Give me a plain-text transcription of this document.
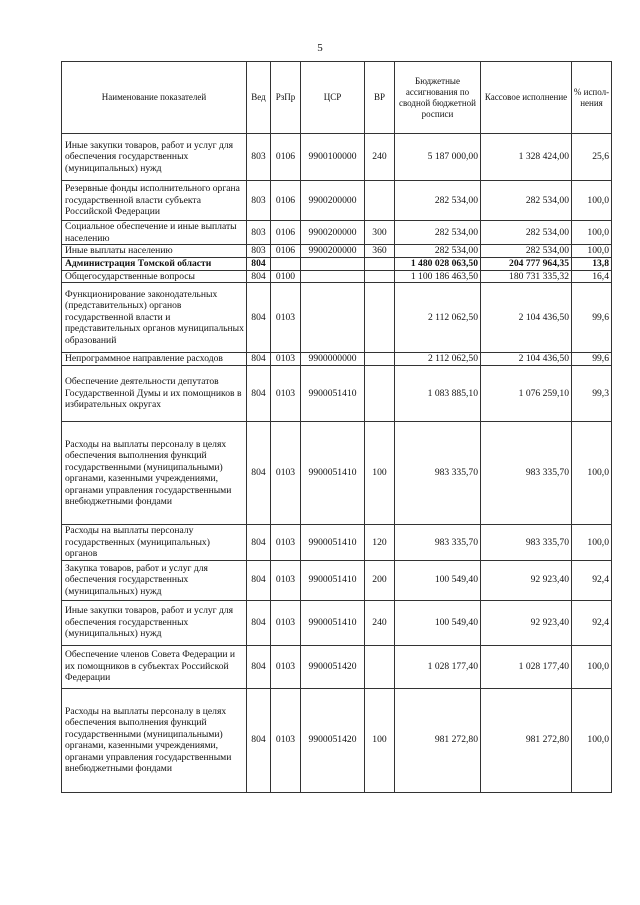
5
Наименование показателей	Вед	РзПр	ЦСР	ВР	Бюджетные ассигнования по сводной бюджетной росписи	Кассовое исполнение	% испол-нения
Иные закупки товаров, работ и услуг для обеспечения государственных (муниципальных) нужд	803	0106	9900100000	240	5 187 000,00	1 328 424,00	25,6
Резервные фонды исполнительного органа государственной власти субъекта Российской Федерации	803	0106	9900200000		282 534,00	282 534,00	100,0
Социальное обеспечение и иные выплаты населению	803	0106	9900200000	300	282 534,00	282 534,00	100,0
Иные выплаты населению	803	0106	9900200000	360	282 534,00	282 534,00	100,0
Администрация Томской области	804				1 480 028 063,50	204 777 964,35	13,8
Общегосударственные вопросы	804	0100			1 100 186 463,50	180 731 335,32	16,4
Функционирование законодательных (представительных) органов государственной власти и представительных органов муниципальных образований	804	0103			2 112 062,50	2 104 436,50	99,6
Непрограммное направление расходов	804	0103	9900000000		2 112 062,50	2 104 436,50	99,6
Обеспечение деятельности депутатов Государственной Думы и их помощников в избирательных округах	804	0103	9900051410		1 083 885,10	1 076 259,10	99,3
Расходы на выплаты персоналу в целях обеспечения выполнения функций государственными (муниципальными) органами, казенными учреждениями, органами управления государственными внебюджетными фондами	804	0103	9900051410	100	983 335,70	983 335,70	100,0
Расходы на выплаты персоналу государственных (муниципальных) органов	804	0103	9900051410	120	983 335,70	983 335,70	100,0
Закупка товаров, работ и услуг для обеспечения государственных (муниципальных) нужд	804	0103	9900051410	200	100 549,40	92 923,40	92,4
Иные закупки товаров, работ и услуг для обеспечения государственных (муниципальных) нужд	804	0103	9900051410	240	100 549,40	92 923,40	92,4
Обеспечение членов Совета Федерации и их помощников в субъектах Российской Федерации	804	0103	9900051420		1 028 177,40	1 028 177,40	100,0
Расходы на выплаты персоналу в целях обеспечения выполнения функций государственными (муниципальными) органами, казенными учреждениями, органами управления государственными внебюджетными фондами	804	0103	9900051420	100	981 272,80	981 272,80	100,0
